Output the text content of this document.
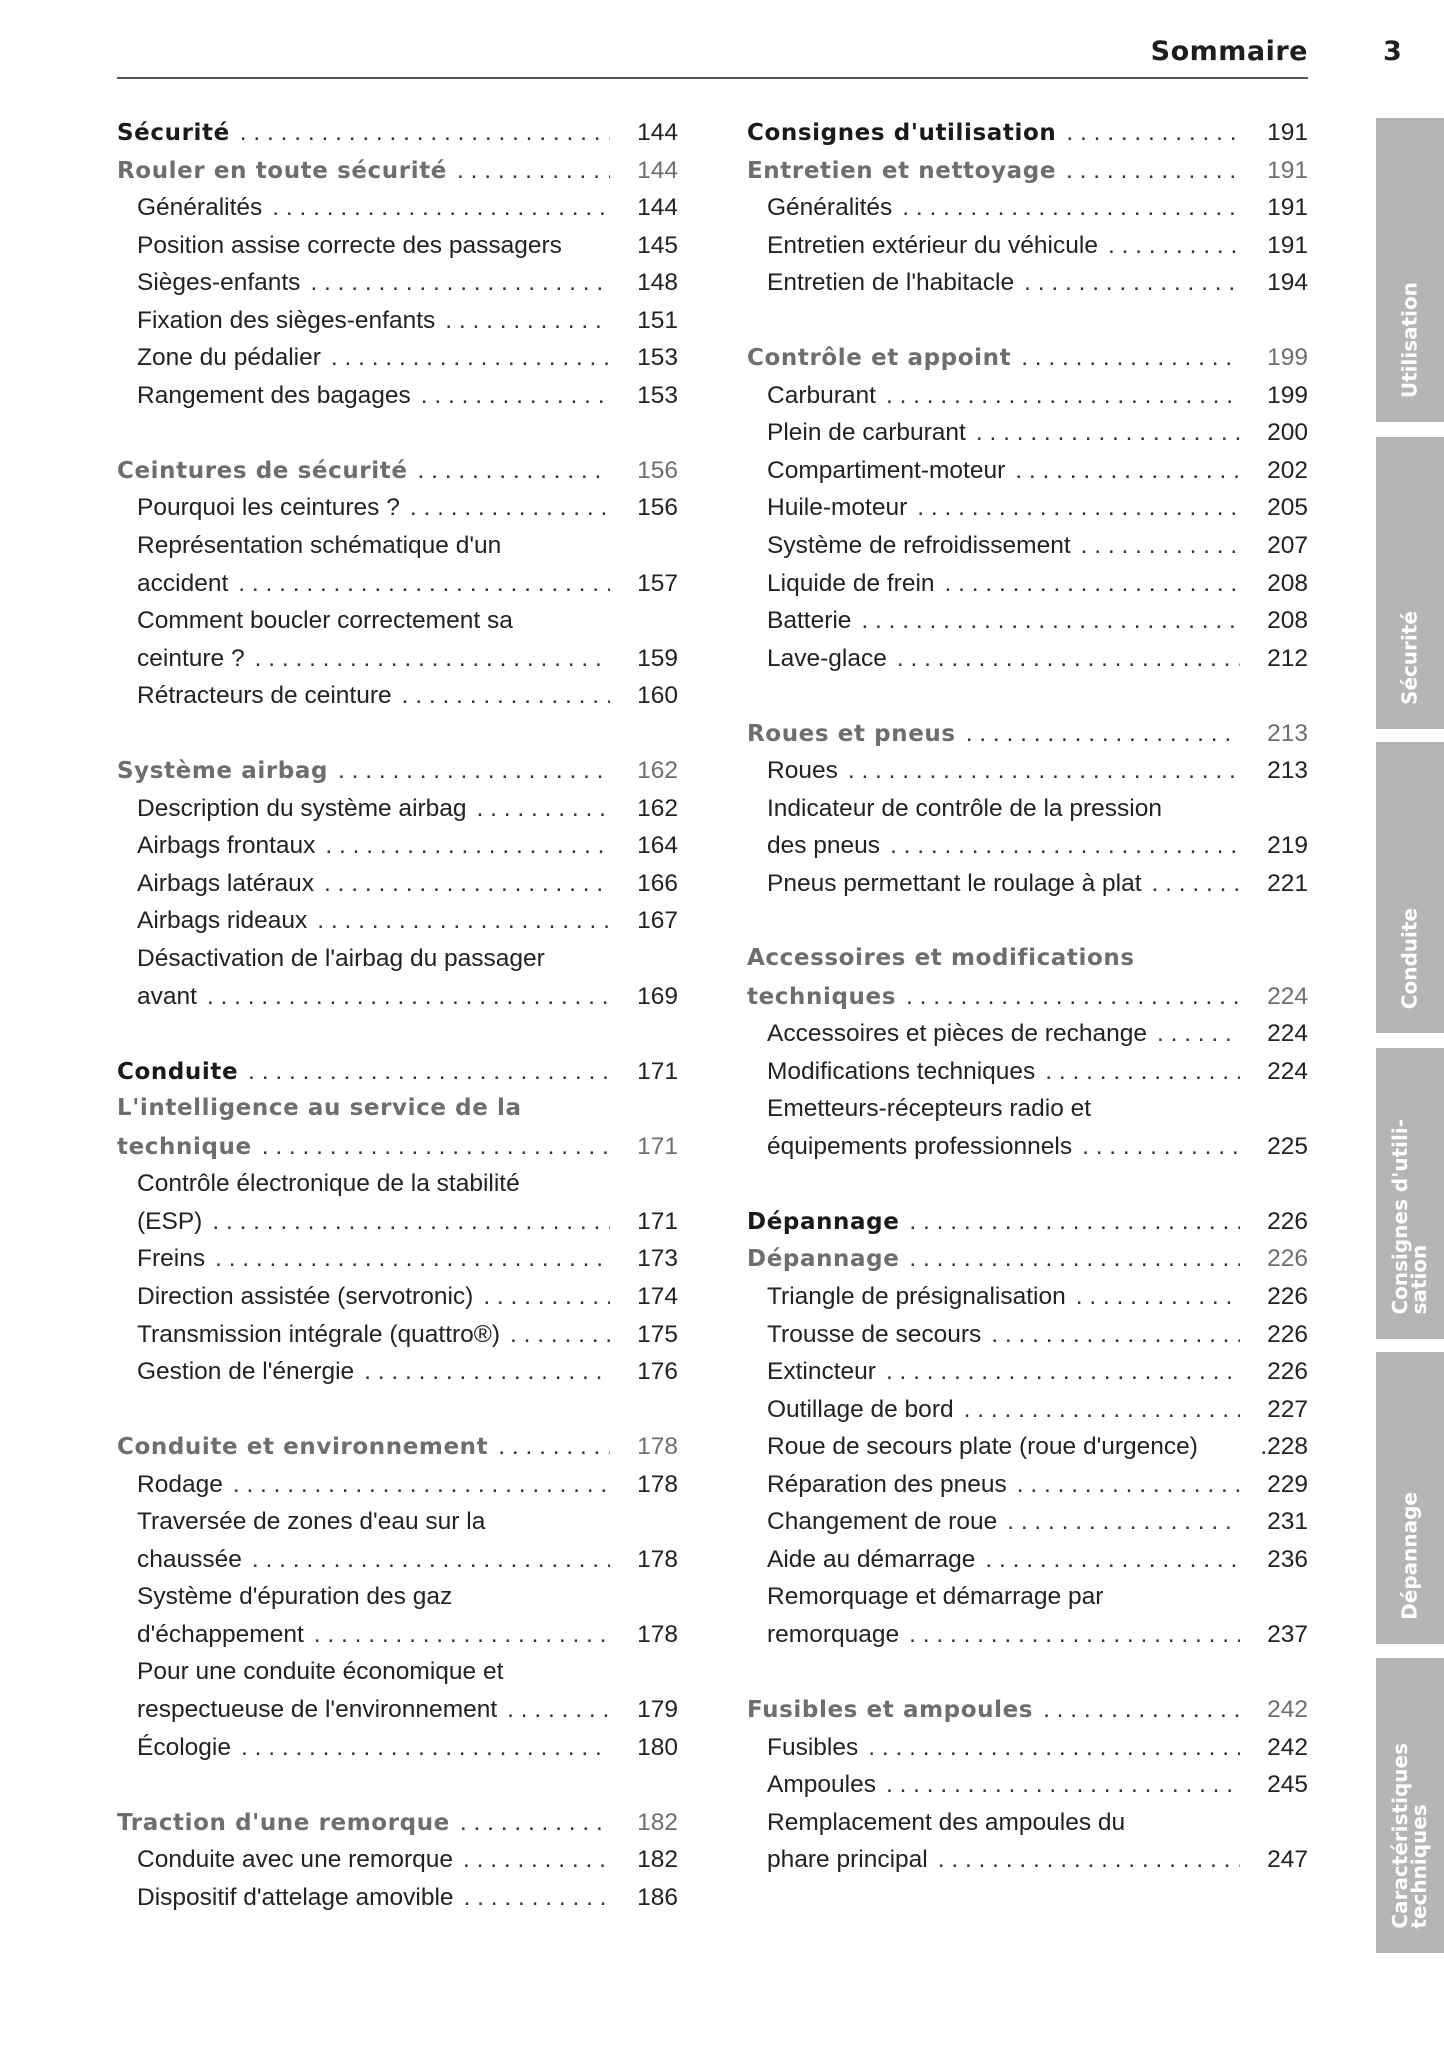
Sommaire	3
Sécurité . . .	144
Rouler en toute sécurité . . .	144
Généralités . . .	144
Position assise correcte des passagers	145
Sièges-enfants . . .	148
Fixation des sièges-enfants . . .	151
Zone du pédalier . . .	153
Rangement des bagages . . .	153
Ceintures de sécurité . . .	156
Pourquoi les ceintures ? . . .	156
Représentation schématique d'un
accident . . .	157
Comment boucler correctement sa
ceinture ? . . .	159
Rétracteurs de ceinture . . .	160
Système airbag . . .	162
Description du système airbag . . .	162
Airbags frontaux . . .	164
Airbags latéraux . . .	166
Airbags rideaux . . .	167
Désactivation de l'airbag du passager
avant . . .	169
Conduite . . .	171
L'intelligence au service de la
technique . . .	171
Contrôle électronique de la stabilité
(ESP) . . .	171
Freins . . .	173
Direction assistée (servotronic) . . .	174
Transmission intégrale (quattro®) . . .	175
Gestion de l'énergie . . .	176
Conduite et environnement . . .	178
Rodage . . .	178
Traversée de zones d'eau sur la
chaussée . . .	178
Système d'épuration des gaz
d'échappement . . .	178
Pour une conduite économique et
respectueuse de l'environnement . . .	179
Écologie . . .	180
Traction d'une remorque . . .	182
Conduite avec une remorque . . .	182
Dispositif d'attelage amovible . . .	186
Consignes d'utilisation . . .	191
Entretien et nettoyage . . .	191
Généralités . . .	191
Entretien extérieur du véhicule . . .	191
Entretien de l'habitacle . . .	194
Contrôle et appoint . . .	199
Carburant . . .	199
Plein de carburant . . .	200
Compartiment-moteur . . .	202
Huile-moteur . . .	205
Système de refroidissement . . .	207
Liquide de frein . . .	208
Batterie . . .	208
Lave-glace . . .	212
Roues et pneus . . .	213
Roues . . .	213
Indicateur de contrôle de la pression
des pneus . . .	219
Pneus permettant le roulage à plat . . .	221
Accessoires et modifications
techniques . . .	224
Accessoires et pièces de rechange . . .	224
Modifications techniques . . .	224
Emetteurs-récepteurs radio et
équipements professionnels . . .	225
Dépannage . . .	226
Dépannage . . .	226
Triangle de présignalisation . . .	226
Trousse de secours . . .	226
Extincteur . . .	226
Outillage de bord . . .	227
Roue de secours plate (roue d'urgence)	.228
Réparation des pneus . . .	229
Changement de roue . . .	231
Aide au démarrage . . .	236
Remorquage et démarrage par
remorquage . . .	237
Fusibles et ampoules . . .	242
Fusibles . . .	242
Ampoules . . .	245
Remplacement des ampoules du
phare principal . . .	247
Utilisation
Sécurité
Conduite
Consignes d'utili-
sation
Dépannage
Caractéristiques
techniques
